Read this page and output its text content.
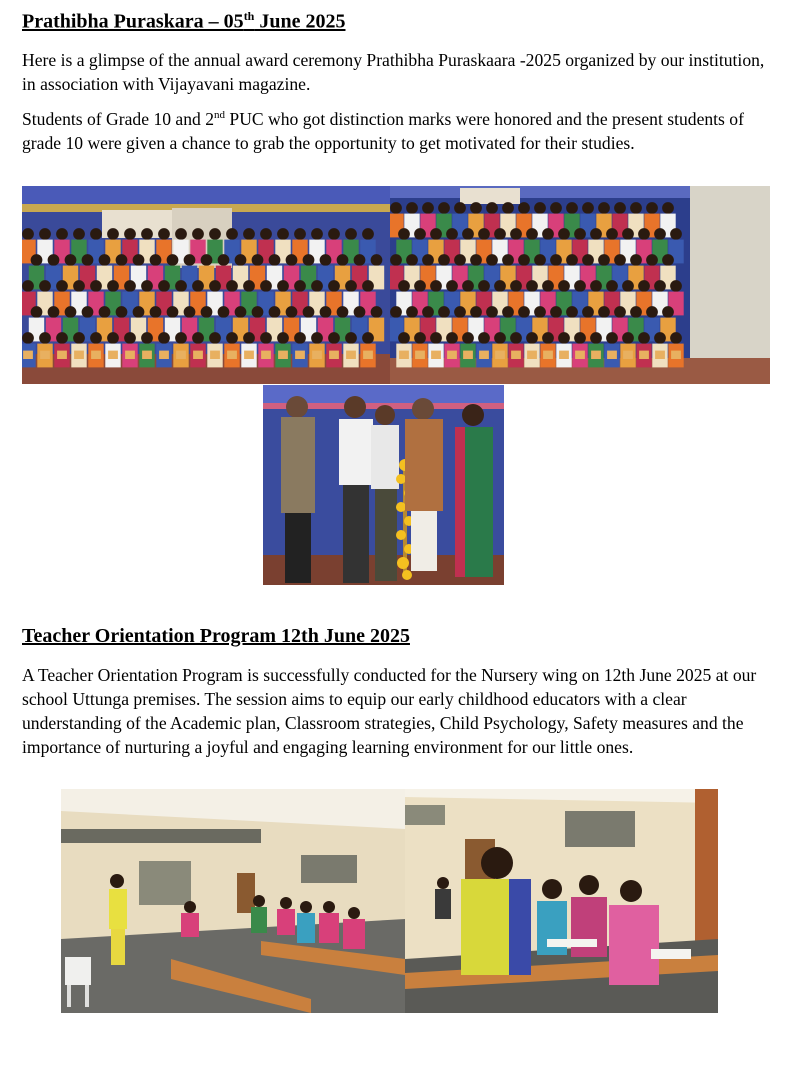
Prathibha Puraskara – 05th June 2025
Here is a glimpse of the annual award ceremony Prathibha Puraskaara -2025 organized by our institution, in association with Vijayavani magazine.
Students of Grade 10 and 2nd PUC who got distinction marks were honored and the present students of grade 10 were given a chance to grab the opportunity to get motivated for their studies.
Teacher Orientation Program 12th June 2025
A Teacher Orientation Program is successfully conducted for the Nursery wing on 12th June 2025 at our school Uttunga premises. The session aims to equip our early childhood educators with a clear understanding of the Academic plan, Classroom strategies, Child Psychology, Safety measures and the importance of nurturing a joyful and engaging learning environment for our little ones.
